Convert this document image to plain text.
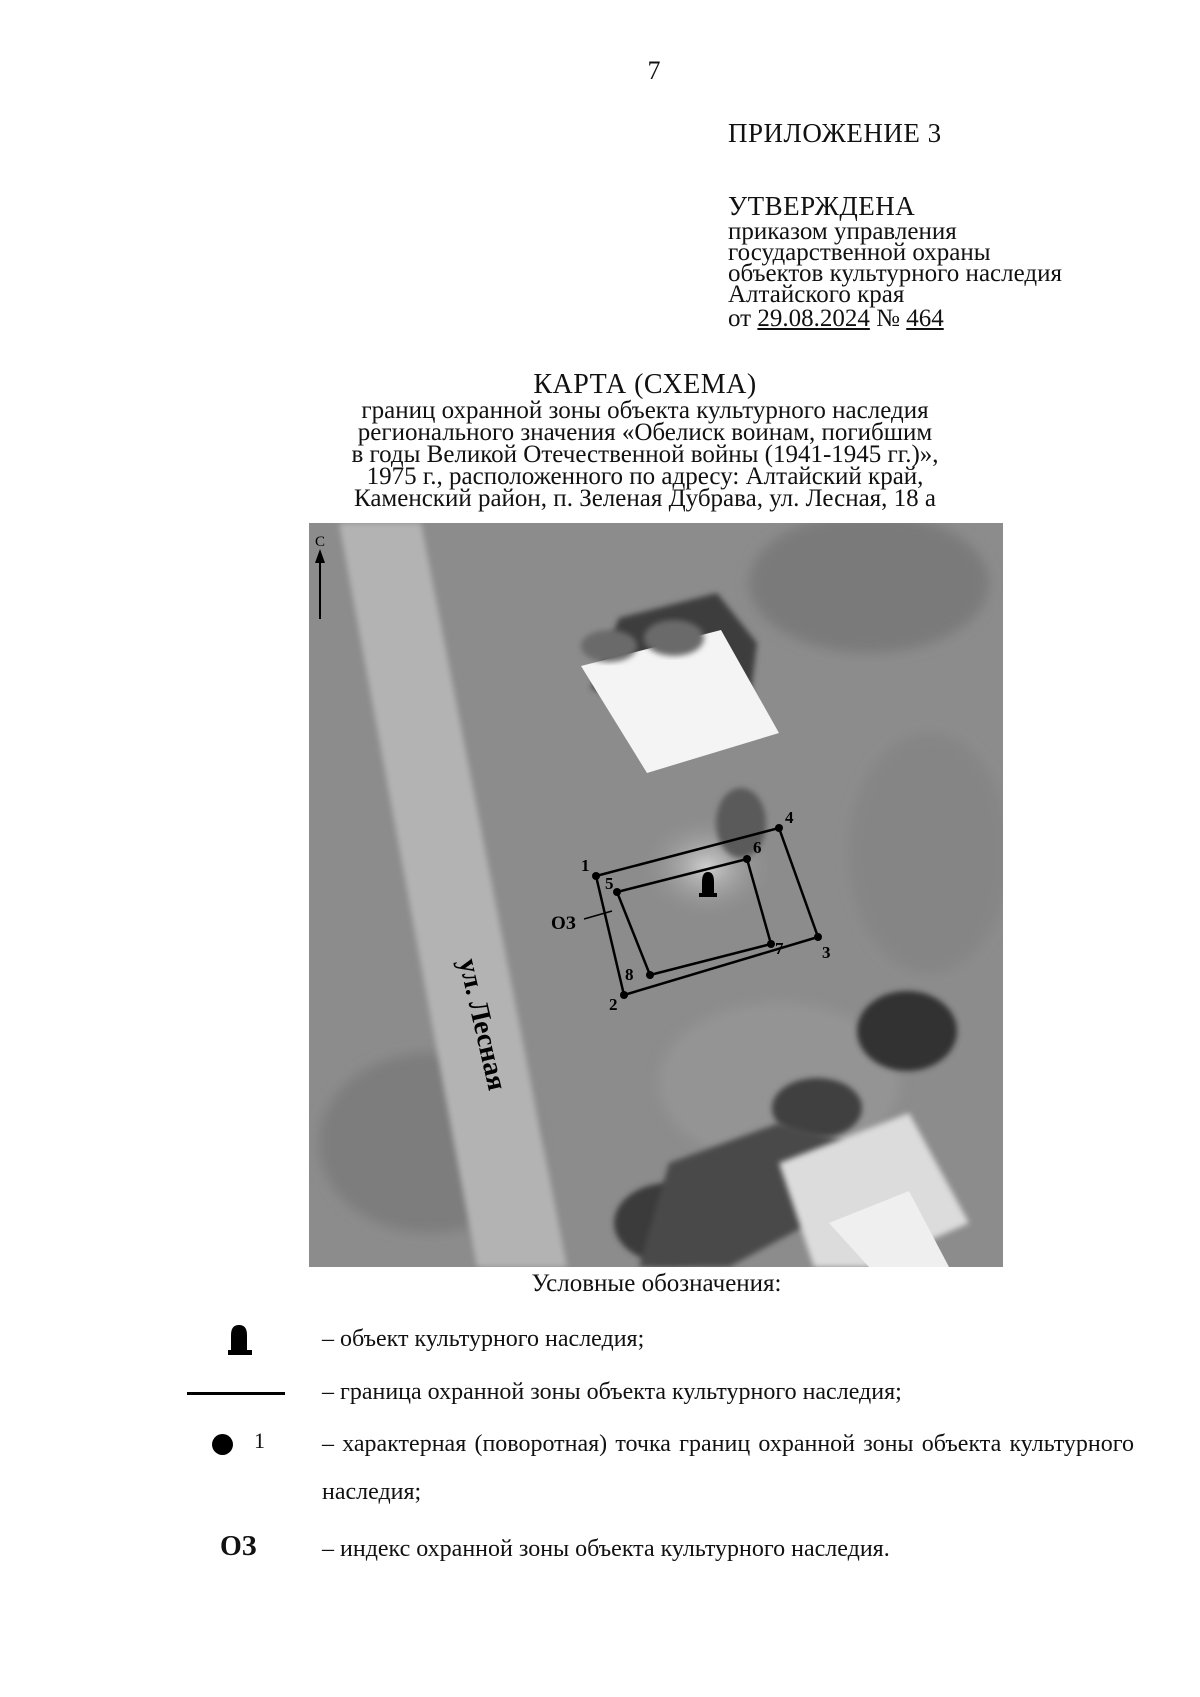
7
ПРИЛОЖЕНИЕ 3
УТВЕРЖДЕНА
приказом управления
государственной охраны
объектов культурного наследия
Алтайского края
от 29.08.2024 № 464
КАРТА (СХЕМА)
границ охранной зоны объекта культурного наследия
регионального значения «Обелиск воинам, погибшим
в годы Великой Отечественной войны (1941-1945 гг.)»,
1975 г., расположенного по адресу: Алтайский край,
Каменский район, п. Зеленая Дубрава, ул. Лесная, 18 а
С
ул. Лесная
1
2
3
4
5
6
7
8
ОЗ
Условные обозначения:
– объект культурного наследия;
– граница охранной зоны объекта культурного наследия;
1 – характерная (поворотная) точка границ охранной зоны объекта культурного наследия;
OЗ	– индекс охранной зоны объекта культурного наследия.
